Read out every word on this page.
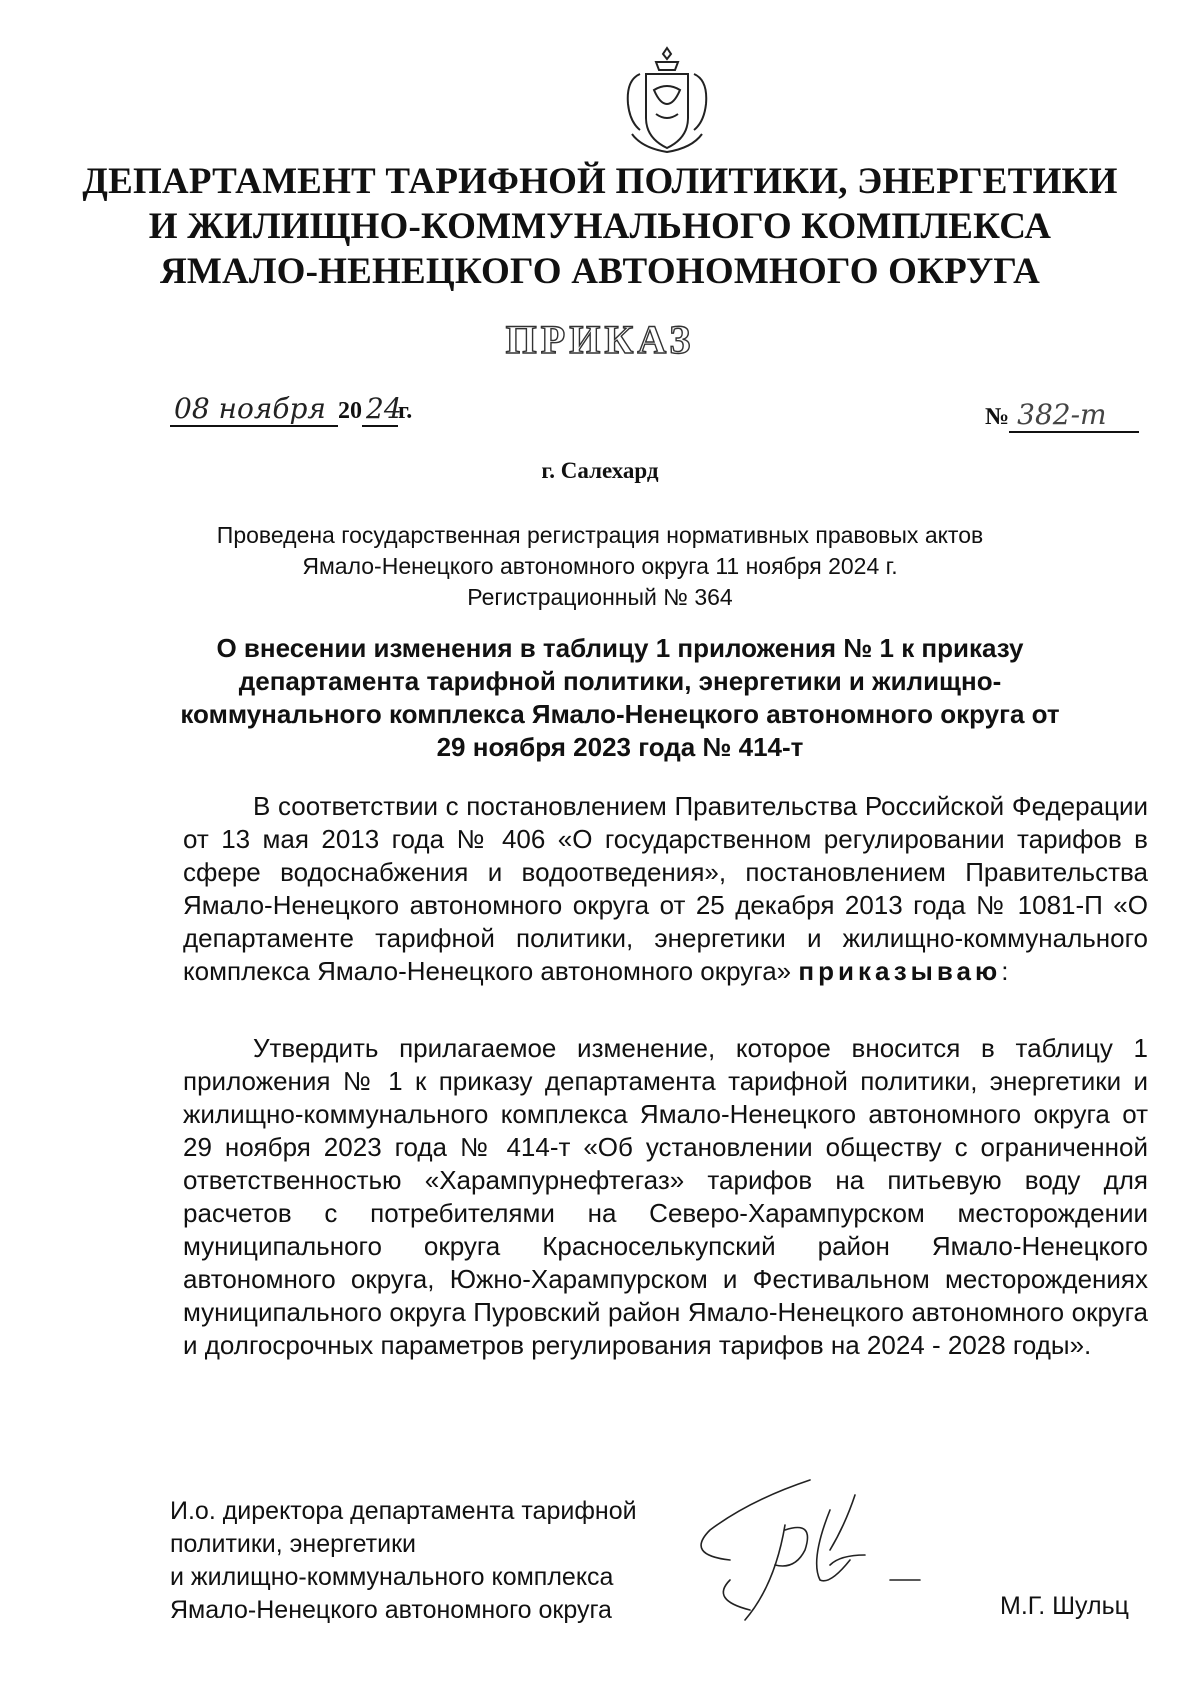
ДЕПАРТАМЕНТ ТАРИФНОЙ ПОЛИТИКИ, ЭНЕРГЕТИКИ
И ЖИЛИЩНО-КОММУНАЛЬНОГО КОМПЛЕКСА
ЯМАЛО-НЕНЕЦКОГО АВТОНОМНОГО ОКРУГА
ПРИКАЗ
08 ноября 20 24г.	№ 382-т
г. Салехард
Проведена государственная регистрация нормативных правовых актов
Ямало-Ненецкого автономного округа 11 ноября 2024 г.
Регистрационный № 364
О внесении изменения в таблицу 1 приложения № 1 к приказу департамента тарифной политики, энергетики и жилищно-коммунального комплекса Ямало-Ненецкого автономного округа от 29 ноября 2023 года № 414-т
В соответствии с постановлением Правительства Российской Федерации от 13 мая 2013 года № 406 «О государственном регулировании тарифов в сфере водоснабжения и водоотведения», постановлением Правительства Ямало-Ненецкого автономного округа от 25 декабря 2013 года № 1081-П «О департаменте тарифной политики, энергетики и жилищно-коммунального комплекса Ямало-Ненецкого автономного округа» приказываю:
Утвердить прилагаемое изменение, которое вносится в таблицу 1 приложения № 1 к приказу департамента тарифной политики, энергетики и жилищно-коммунального комплекса Ямало-Ненецкого автономного округа от 29 ноября 2023 года № 414-т «Об установлении обществу с ограниченной ответственностью «Харампурнефтегаз» тарифов на питьевую воду для расчетов с потребителями на Северо-Харампурском месторождении муниципального округа Красноселькупский район Ямало-Ненецкого автономного округа, Южно-Харампурском и Фестивальном месторождениях муниципального округа Пуровский район Ямало-Ненецкого автономного округа и долгосрочных параметров регулирования тарифов на 2024 - 2028 годы».
И.о. директора департамента тарифной
политики, энергетики
и жилищно-коммунального комплекса
Ямало-Ненецкого автономного округа	М.Г. Шульц
